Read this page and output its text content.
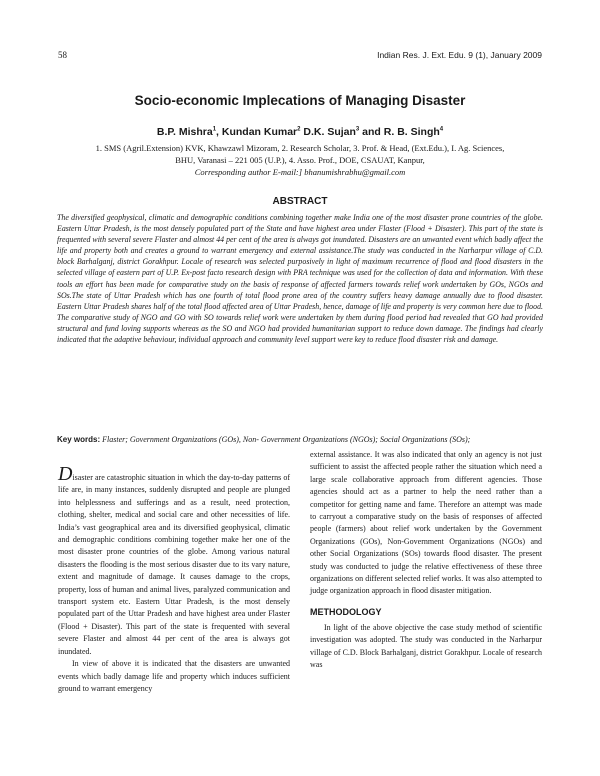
58	Indian Res. J. Ext. Edu. 9 (1), January 2009
Socio-economic Implecations of Managing Disaster
B.P. Mishra$^1$, Kundan Kumar$^2$ D.K. Sujan$^3$ and R. B. Singh$^4$
1. SMS (Agril.Extension) KVK, Khawzawl Mizoram, 2. Research Scholar, 3. Prof. & Head, (Ext.Edu.), I. Ag. Sciences,
BHU, Varanasi – 221 005 (U.P.), 4. Asso. Prof., DOE, CSAUAT, Kanpur,
Corresponding author E-mail:] bhanumishrabhu@gmail.com
ABSTRACT

The diversified geophysical, climatic and demographic conditions combining together make India one of the most disaster prone countries of the globe. Eastern Uttar Pradesh, is the most densely populated part of the State and have highest area under Flaster (Flood + Disaster). This part of the state is frequented with several severe Flaster and almost 44 per cent of the area is always got inundated. Disasters are an unwanted event which badly affect the life and property both and creates a ground to warrant emergency and external assistance.The study was conducted in the Narharpur village of C.D. block Barhalganj, district Gorakhpur. Locale of research was selected purposively in light of maximum recurrence of flood and flood disasters in the selected village of eastern part of U.P. Ex-post facto research design with PRA technique was used for the collection of data and information. With these tools an effort has been made for comparative study on the basis of response of affected farmers towards relief work undertaken by GOs, NGOs and SOs.The state of Uttar Pradesh which has one fourth of total flood prone area of the country suffers heavy damage annually due to flood disaster. Eastern Uttar Pradesh shares half of the total flood affected area of Uttar Pradesh, hence, damage of life and property is very common here due to flood. The comparative study of NGO and GO with SO towards relief work were undertaken by them during flood period had revealed that GO had provided structural and fund loving supports whereas as the SO and NGO had provided humanitarian support to reduce down damage. The findings had clearly indicated that the adaptive behaviour, individual approach and community level support were key to reduce flood disaster risk and damage.

Key words: Flaster; Government Organizations (GOs), Non- Government Organizations (NGOs); Social Organizations (SOs);

Disaster are catastrophic situation in which the day-to-day patterns of life are, in many instances, suddenly disrupted and people are plunged into helplessness and sufferings and as a result, need protection, clothing, shelter, medical and social care and other necessities of life. India’s vast geographical area and its diversified geophysical, climatic and demographic conditions combining together make her one of the most disaster prone countries of the globe. Among various natural disasters the flooding is the most serious disaster due to its vary nature, extent and magnitude of damage. It causes damage to the crops, property, loss of human and animal lives, paralyzed communication and transport system etc. Eastern Uttar Pradesh, is the most densely populated part of the Uttar Pradesh and have highest area under Flaster (Flood + Disaster). This part of the state is frequented with several severe Flaster and almost 44 per cent of the area is always got inundated.

In view of above it is indicated that the disasters are unwanted events which badly damage life and property which induces sufficient ground to warrant emergency

external assistance. It was also indicated that only an agency is not just sufficient to assist the affected people rather the situation which need a large scale collaborative approach from different agencies. Those agencies should act as a partner to help the need rather than a competitor for getting name and fame. Therefore an attempt was made to carryout a comparative study on the basis of responses of affected people (farmers) about relief work undertaken by the Government Organizations (GOs), Non-Government Organizations (NGOs) and other Social Organizations (SOs) towards flood disaster. The present study was conducted to judge the relative effectiveness of these three organizations on different selected relief works. It was also attempted to judge organization approach in flood disaster mitigation.

METHODOLOGY

In light of the above objective the case study method of scientific investigation was adopted. The study was conducted in the Narharpur village of C.D. Block Barhalganj, district Gorakhpur. Locale of research was
